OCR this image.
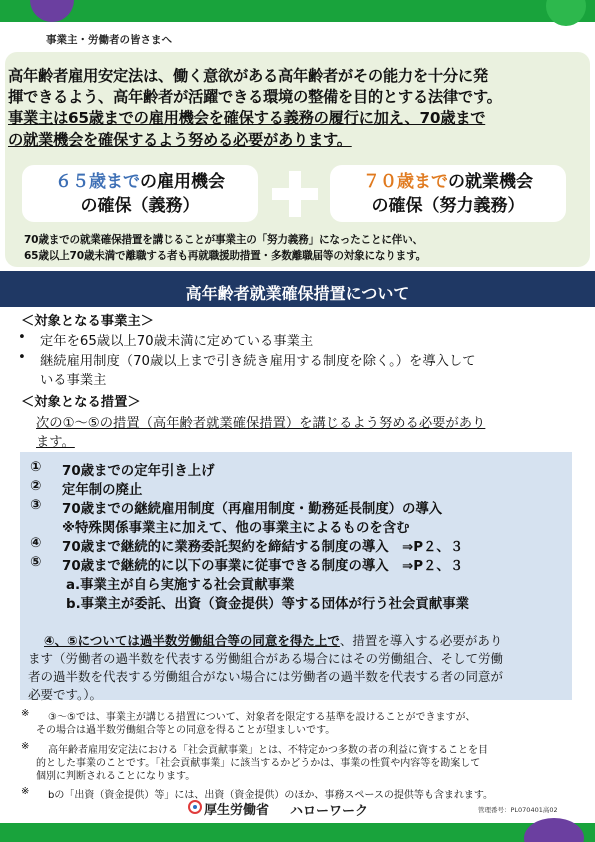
事業主・労働者の皆さまへ
高年齢者雇用安定法は、働く意欲がある高年齢者がその能力を十分に発
揮できるよう、高年齢者が活躍できる環境の整備を目的とする法律です。
事業主は65歳までの雇用機会を確保する義務の履行に加え、70歳まで
の就業機会を確保するよう努める必要があります。
６５歳までの雇用機会
の確保（義務）
７０歳までの就業機会
の確保（努力義務）
70歳までの就業確保措置を講じることが事業主の「努力義務」になったことに伴い、
65歳以上70歳未満で離職する者も再就職援助措置・多数離職届等の対象になります。
高年齢者就業確保措置について
＜対象となる事業主＞
• 定年を65歳以上70歳未満に定めている事業主
• 継続雇用制度（70歳以上まで引き続き雇用する制度を除く。）を導入して
いる事業主
＜対象となる措置＞
次の①～⑤の措置（高年齢者就業確保措置）を講じるよう努める必要があり
ます。
① 70歳までの定年引き上げ
② 定年制の廃止
③ 70歳までの継続雇用制度（再雇用制度・勤務延長制度）の導入
※特殊関係事業主に加えて、他の事業主によるものを含む
④ 70歳まで継続的に業務委託契約を締結する制度の導入　⇒P２、３
⑤ 70歳まで継続的に以下の事業に従事できる制度の導入　⇒P２、３
a.事業主が自ら実施する社会貢献事業
b.事業主が委託、出資（資金提供）等する団体が行う社会貢献事業
④、⑤については過半数労働組合等の同意を得た上で、措置を導入する必要があり
ます（労働者の過半数を代表する労働組合がある場合にはその労働組合、そして労働
者の過半数を代表する労働組合がない場合には労働者の過半数を代表する者の同意が
必要です。）。
※ ③～⑤では、事業主が講じる措置について、対象者を限定する基準を設けることができますが、
その場合は過半数労働組合等との同意を得ることが望ましいです。
※ 高年齢者雇用安定法における「社会貢献事業」とは、不特定かつ多数の者の利益に資することを目
的とした事業のことです。「社会貢献事業」に該当するかどうかは、事業の性質や内容等を勘案して
個別に判断されることになります。
※ bの「出資（資金提供）等」には、出資（資金提供）のほか、事務スペースの提供等も含まれます。
厚生労働省 ハローワーク	管理番号：PL070401高02
